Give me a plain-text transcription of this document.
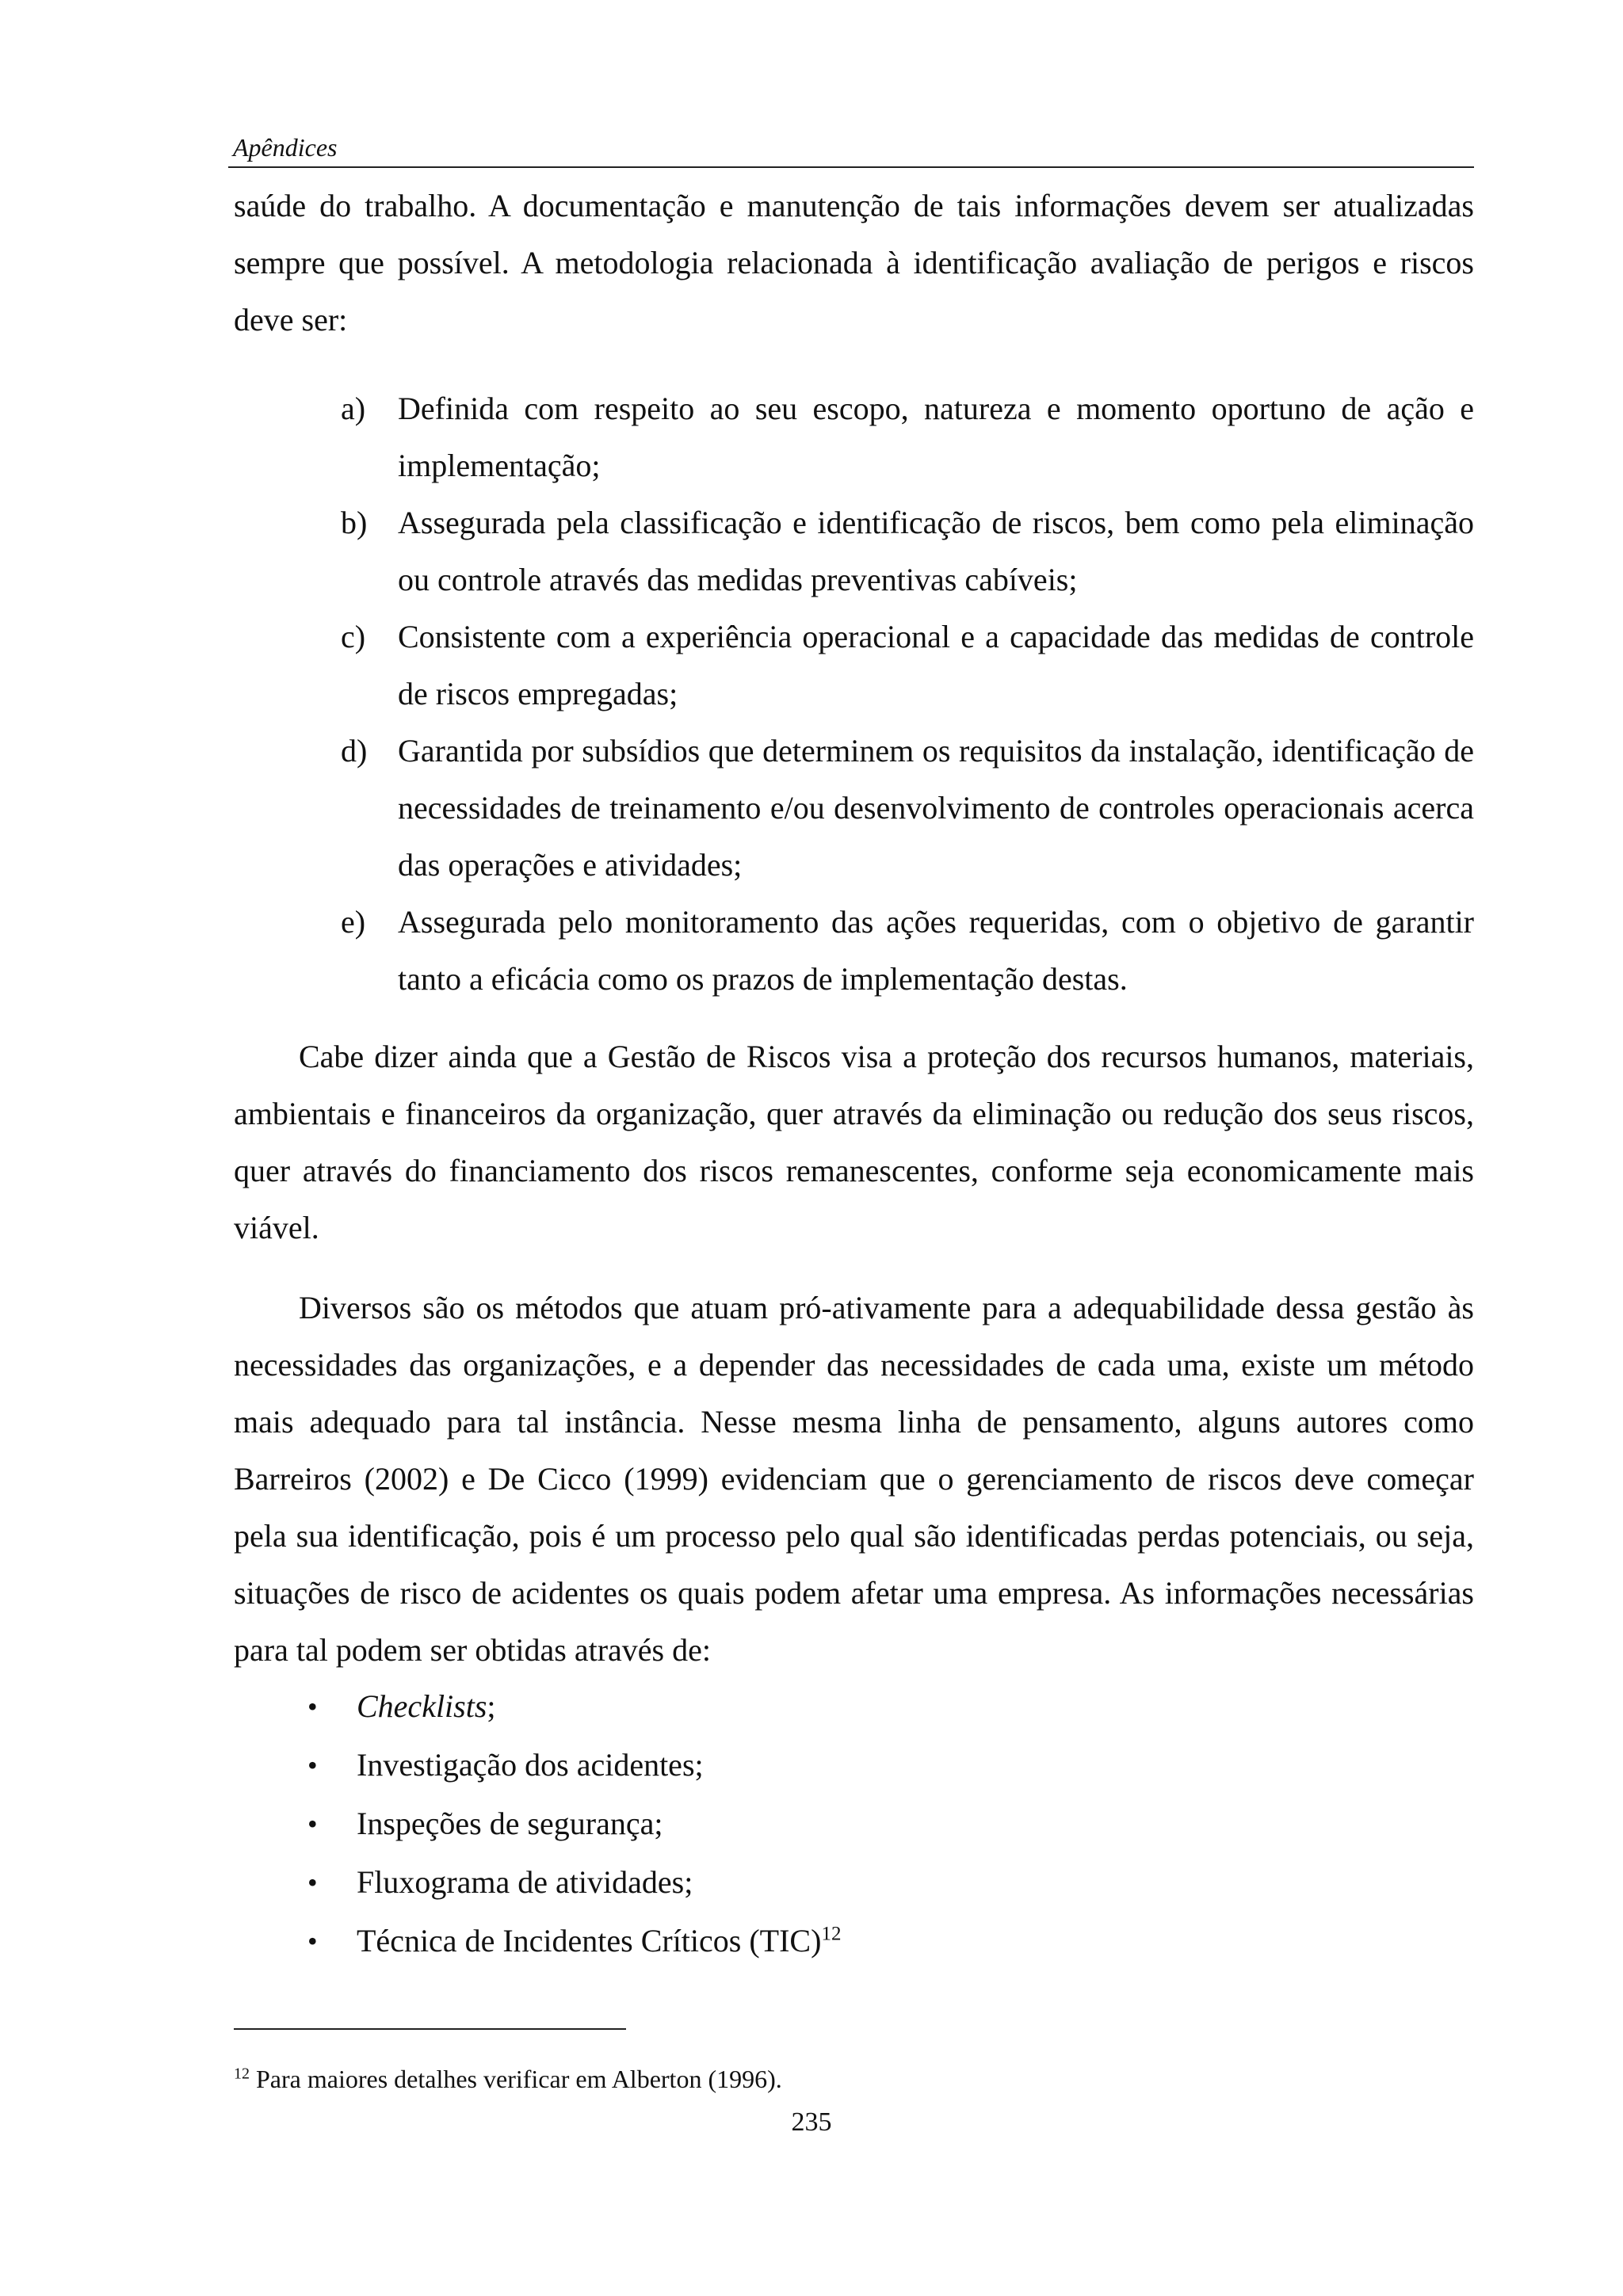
Apêndices

saúde do trabalho. A documentação e manutenção de tais informações devem ser atualizadas sempre que possível. A metodologia relacionada à identificação avaliação de perigos e riscos deve ser:

a) Definida com respeito ao seu escopo, natureza e momento oportuno de ação e implementação;
b) Assegurada pela classificação e identificação de riscos, bem como pela eliminação ou controle através das medidas preventivas cabíveis;
c) Consistente com a experiência operacional e a capacidade das medidas de controle de riscos empregadas;
d) Garantida por subsídios que determinem os requisitos da instalação, identificação de necessidades de treinamento e/ou desenvolvimento de controles operacionais acerca das operações e atividades;
e) Assegurada pelo monitoramento das ações requeridas, com o objetivo de garantir tanto a eficácia como os prazos de implementação destas.

Cabe dizer ainda que a Gestão de Riscos visa a proteção dos recursos humanos, materiais, ambientais e financeiros da organização, quer através da eliminação ou redução dos seus riscos, quer através do financiamento dos riscos remanescentes, conforme seja economicamente mais viável.

Diversos são os métodos que atuam pró-ativamente para a adequabilidade dessa gestão às necessidades das organizações, e a depender das necessidades de cada uma, existe um método mais adequado para tal instância. Nesse mesma linha de pensamento, alguns autores como Barreiros (2002) e De Cicco (1999) evidenciam que o gerenciamento de riscos deve começar pela sua identificação, pois é um processo pelo qual são identificadas perdas potenciais, ou seja, situações de risco de acidentes os quais podem afetar uma empresa. As informações necessárias para tal podem ser obtidas através de:

• Checklists;
• Investigação dos acidentes;
• Inspeções de segurança;
• Fluxograma de atividades;
• Técnica de Incidentes Críticos (TIC)$^{12}$
$^{12}$ Para maiores detalhes verificar em Alberton (1996).
235
